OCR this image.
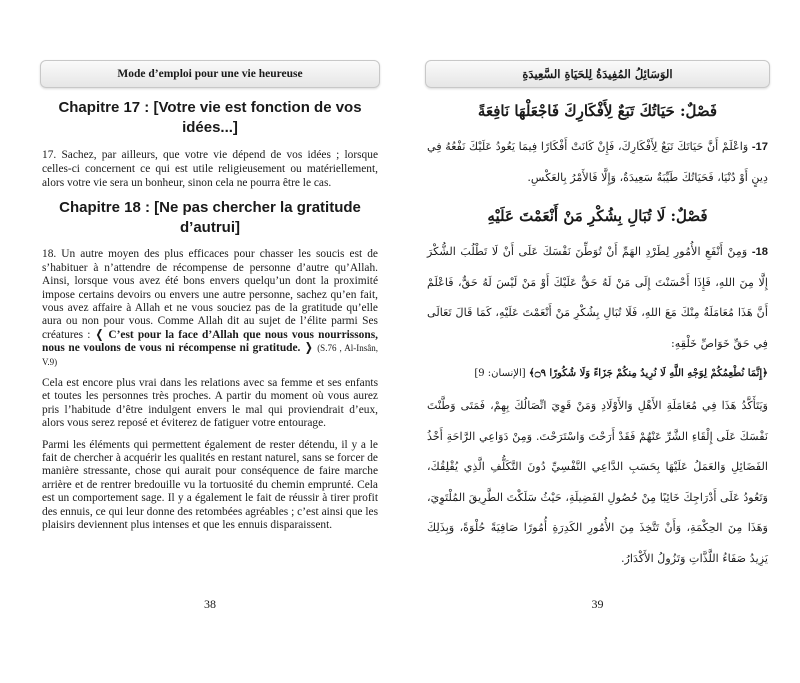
Mode d’emploi pour une vie heureuse
Chapitre 17 : [Votre vie est fonction de vos idées...]

17. Sachez, par ailleurs, que votre vie dépend de vos idées ; lorsque celles-ci concernent ce qui est utile religieusement ou matériellement, alors votre vie sera un bonheur, sinon cela ne pourra être le cas.

Chapitre 18 : [Ne pas chercher la gratitude d’autrui]

18. Un autre moyen des plus efficaces pour chasser les soucis est de s’habituer à n’attendre de récompense de personne d’autre qu’Allah. Ainsi, lorsque vous avez été bons envers quelqu’un dont la proximité impose certains devoirs ou envers une autre personne, sachez qu’en fait, vous avez affaire à Allah et ne vous souciez pas de la gratitude qu’elle aura ou non pour vous. Comme Allah dit au sujet de l’élite parmi Ses créatures : ❬ C’est pour la face d’Allah que nous vous nourrissons, nous ne voulons de vous ni récompense ni gratitude. ❭ (S.76 , Al-Insân, V.9)

Cela est encore plus vrai dans les relations avec sa femme et ses enfants et toutes les personnes très proches. A partir du moment où vous aurez pris l’habitude d’être indulgent envers le mal qui proviendrait d’eux, alors vous serez reposé et éviterez de fatiguer votre entourage.

Parmi les éléments qui permettent également de rester détendu, il y a le fait de chercher à acquérir les qualités en restant naturel, sans se forcer de manière stressante, chose qui aurait pour conséquence de faire marche arrière et de rentrer bredouille vu la tortuosité du chemin emprunté. Cela est un comportement sage. Il y a également le fait de réussir à tirer profit des ennuis, ce qui leur donne des retombées agréables ; c’est ainsi que les plaisirs deviennent plus intenses et que les ennuis disparaissent.

38
الوَسَائِلُ المُفِيدَةُ لِلحَيَاةِ السَّعِيدَةِ
فَصْلٌ: حَيَاتُكَ تَبَعٌ لِأَفْكَارِكَ فَاجْعَلْهَا نَافِعَةً

17- وَاعْلَمْ أَنَّ حَيَاتَكَ تَبَعٌ لِأَفْكَارِكَ، فَإِنْ كَانَتْ أَفْكَارًا فِيمَا يَعُودُ عَلَيْكَ نَفْعُهُ فِي دِينٍ أَوْ دُنْيَا، فَحَيَاتُكَ طَيِّبَةٌ سَعِيدَةٌ، وَإِلَّا فَالأَمْرُ بِالعَكْسِ.

فَصْلٌ: لَا تُبَالِ بِشُكْرِ مَنْ أَنْعَمْتَ عَلَيْهِ

18- وَمِنْ أَنْفَعِ الأُمُورِ لِطَرْدِ الهَمِّ أَنْ تُوَطِّنَ نَفْسَكَ عَلَى أَنْ لَا تَطْلُبَ الشُّكْرَ إِلَّا مِنَ اللهِ، فَإِذَا أَحْسَنْتَ إِلَى مَنْ لَهُ حَقٌّ عَلَيْكَ أَوْ مَنْ لَيْسَ لَهُ حَقٌّ، فَاعْلَمْ أَنَّ هَذَا مُعَامَلَةٌ مِنْكَ مَعَ اللهِ، فَلَا تُبَالِ بِشُكْرِ مَنْ أَنْعَمْتَ عَلَيْهِ، كَمَا قَالَ تَعَالَى فِي حَقِّ خَوَاصِّ خَلْقِهِ:

﴿إِنَّمَا نُطْعِمُكُمْ لِوَجْهِ اللَّهِ لَا نُرِيدُ مِنكُمْ جَزَاءً وَلَا شُكُورًا ۝٩﴾ [الإنسان: 9]

وَيَتَأَكَّدُ هَذَا فِي مُعَامَلَةِ الأَهْلِ وَالأَوْلَادِ وَمَنْ قَوِيَ اتِّصَالُكَ بِهِمْ، فَمَتَى وَطَّنْتَ نَفْسَكَ عَلَى إِلْقَاءِ الشَّرِّ عَنْهُمْ فَقَدْ أَرَحْتَ وَاسْتَرَحْتَ. وَمِنْ دَوَاعِي الرَّاحَةِ أَخْذُ الفَضَائِلِ وَالعَمَلُ عَلَيْهَا بِحَسَبِ الدَّاعِي النَّفْسِيِّ دُونَ التَّكَلُّفِ الَّذِي يُقْلِقُكَ، وَتَعُودُ عَلَى أَدْرَاجِكَ خَائِبًا مِنْ حُصُولِ الفَضِيلَةِ، حَيْثُ سَلَكْتَ الطَّرِيقَ المُلْتَوِيَ، وَهَذَا مِنَ الحِكْمَةِ، وَأَنْ تَتَّخِذَ مِنَ الأُمُورِ الكَدِرَةِ أُمُورًا صَافِيَةً حُلْوَةً، وَبِذَلِكَ يَزِيدُ صَفَاءُ اللَّذَّاتِ وَتَزُولُ الأَكْدَارُ.

39
